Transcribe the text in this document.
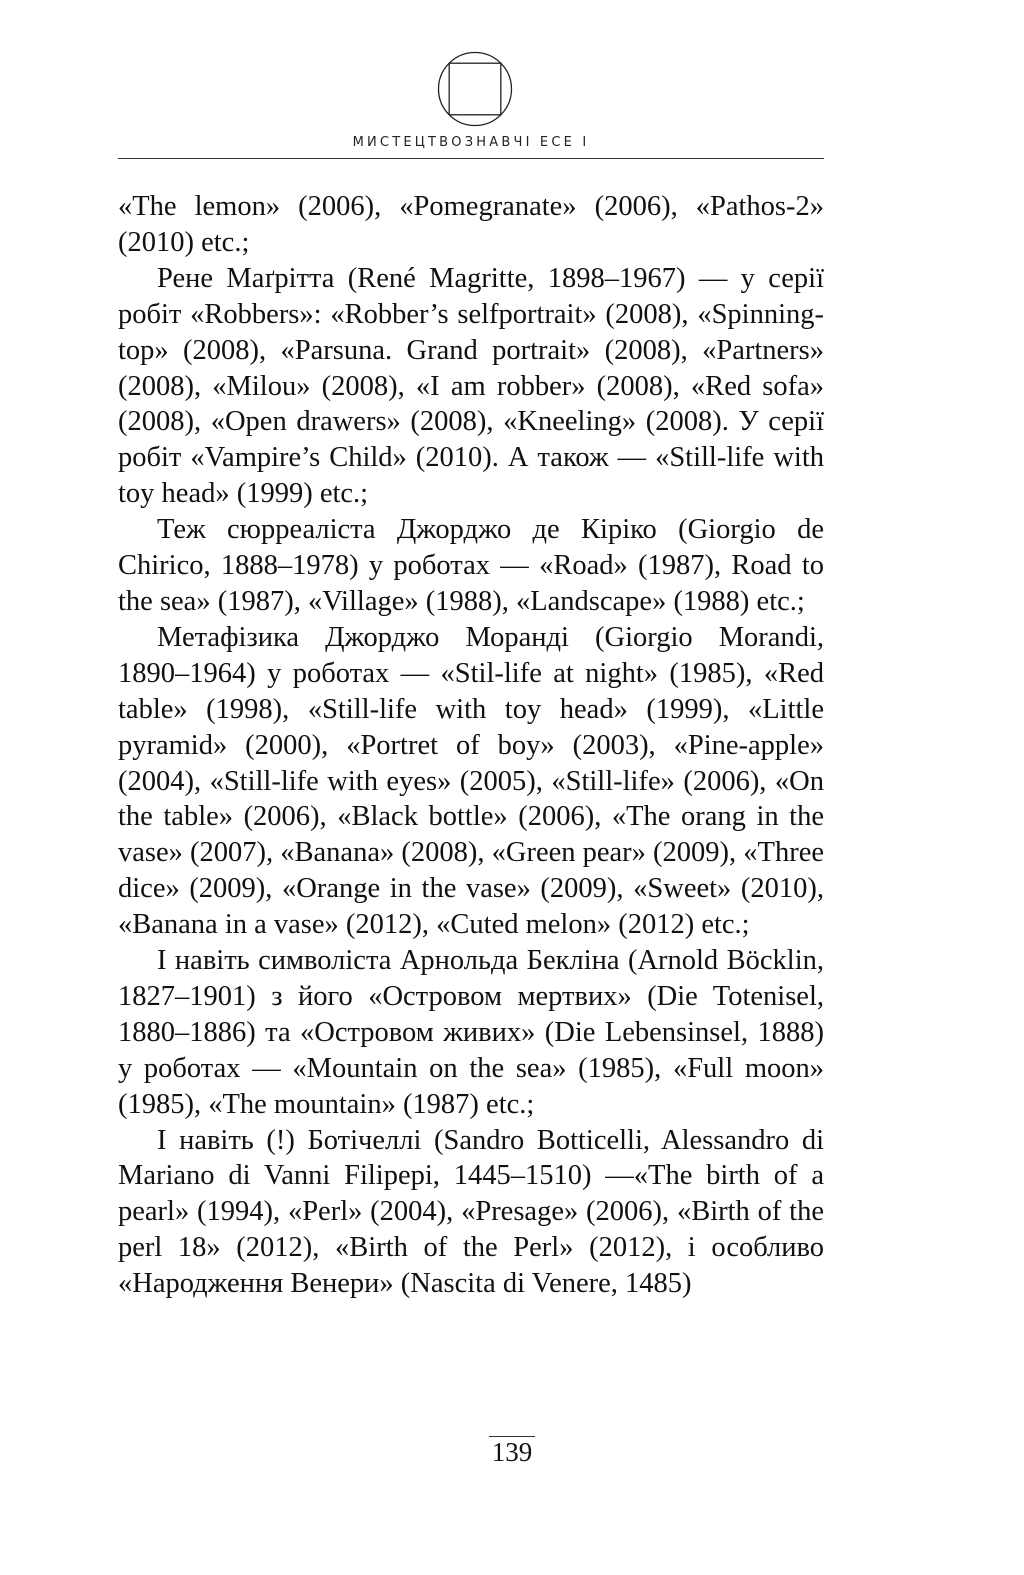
МИСТЕЦТВОЗНАВЧІ ЕСЕ І

«The lemon» (2006), «Pomegranate» (2006), «Pathos-2» (2010) etc.;

Рене Маґрітта (René Magritte, 1898–1967) — у серії робіт «Robbers»: «Robber’s selfportrait» (2008), «Spinning-top» (2008), «Parsuna. Grand portrait» (2008), «Partners» (2008), «Milou» (2008), «I am robber» (2008), «Red sofa» (2008), «Open drawers» (2008), «Kneeling» (2008). У серії робіт «Vampire’s Child» (2010). А також — «Still-life with toy head» (1999) etc.;

Теж сюрреаліста Джорджо де Кіріко (Giorgio de Chirico, 1888–1978) у роботах — «Road» (1987), Road to the sea» (1987), «Village» (1988), «Landscape» (1988) etc.;

Метафізика Джорджо Моранді (Giorgio Morandi, 1890–1964) у роботах — «Stil-life at night» (1985), «Red table» (1998), «Still-life with toy head» (1999), «Little pyramid» (2000), «Portret of boy» (2003), «Pine-apple» (2004), «Still-life with eyes» (2005), «Still-life» (2006), «On the table» (2006), «Black bottle» (2006), «The orang in the vase» (2007), «Banana» (2008), «Green pear» (2009), «Three dice» (2009), «Orange in the vase» (2009), «Sweet» (2010), «Banana in a vase» (2012), «Cuted melon» (2012) etc.;

І навіть символіста Арнольда Бекліна (Arnold Böcklin, 1827–1901) з його «Островом мертвих» (Die Totenisel, 1880–1886) та «Островом живих» (Die Lebensinsel, 1888) у роботах — «Mountain on the sea» (1985), «Full moon» (1985), «The mountain» (1987) etc.;

І навіть (!) Ботічеллі (Sandro Botticelli, Alessandro di Mariano di Vanni Filipepi, 1445–1510) —«The birth of a pearl» (1994), «Perl» (2004), «Presage» (2006), «Birth of the perl 18» (2012), «Birth of the Perl» (2012), і особливо «Народження Венери» (Nascita di Venere, 1485)

139
